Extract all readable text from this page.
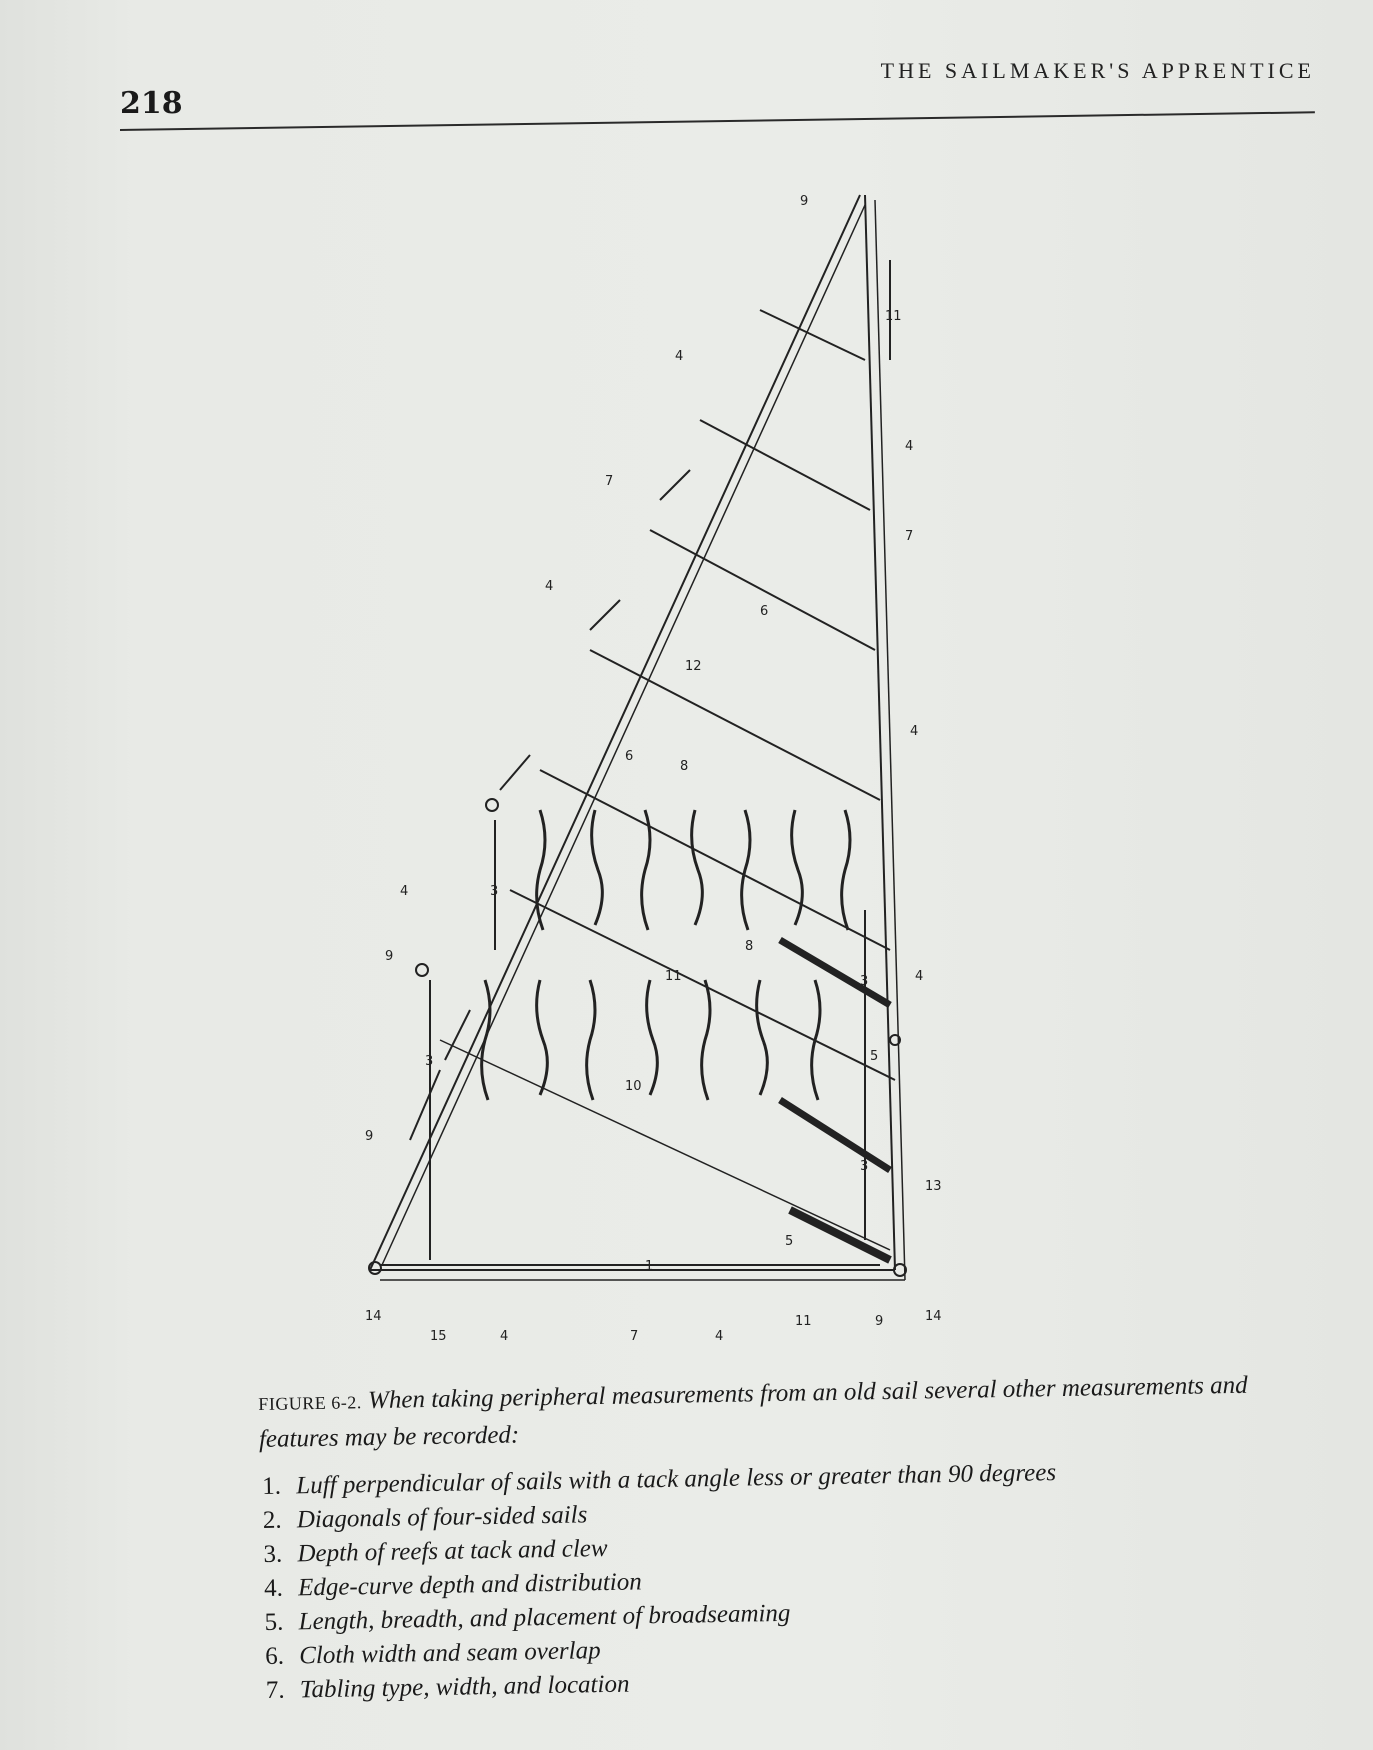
218
THE SAILMAKER'S APPRENTICE
9
4
7
4
12
6
8
4
9
3
3
9
14
15	4	7	4
11	9	14
13
5
3
3
5
4
4
7
4
11
6
8
10
11
1
FIGURE 6-2. When taking peripheral measurements from an old sail several other measurements and features may be recorded:
1. Luff perpendicular of sails with a tack angle less or greater than 90 degrees
2. Diagonals of four-sided sails
3. Depth of reefs at tack and clew
4. Edge-curve depth and distribution
5. Length, breadth, and placement of broadseaming
6. Cloth width and seam overlap
7. Tabling type, width, and location
